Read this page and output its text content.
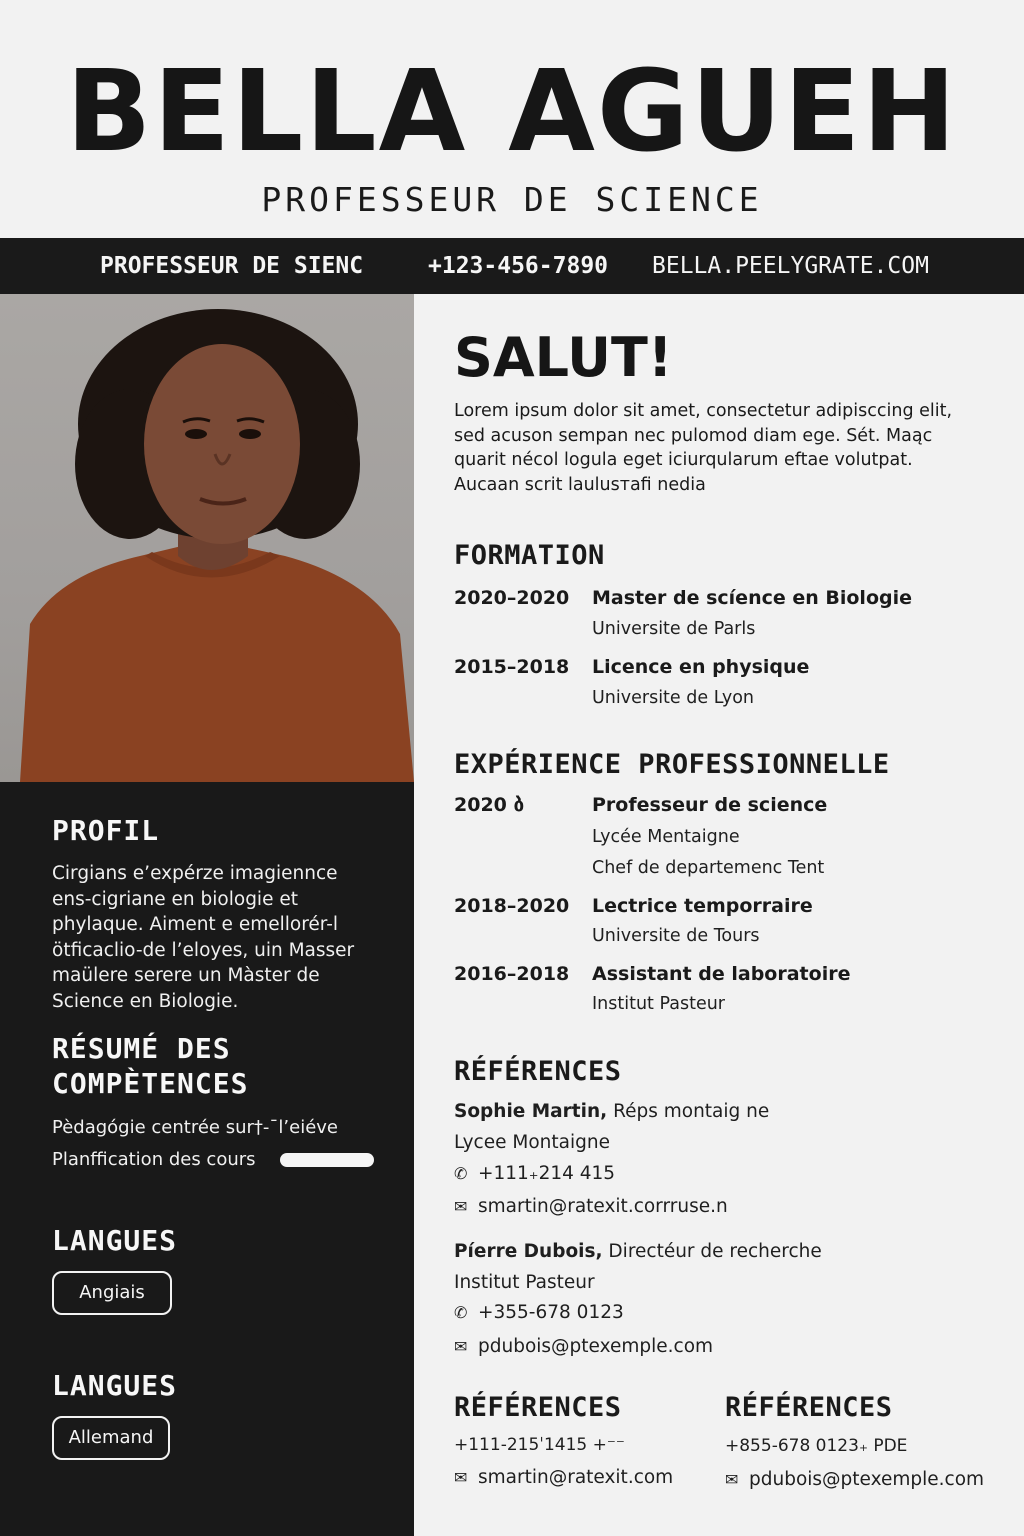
BELLA AGUEH
PROFESSEUR DE SCIENCE
PROFESSEUR DE SIENC	+123-456-7890 BELLA.PEELYGRATE.COM
PROFIL
Cirgians e’expérze imagiennce ens-cigriane en biologie et phylaque. Aiment e emellorér-l ötficaclio-de l’eloyes, uin Masser maülere serere un Màster de Science en Biologie.
RÉSUMÉ DES
COMPÈTENCES
Pèdagógie centrée sur†-ˉl’eiéve
Planffication des cours
LANGUES
Angiais
LANGUES
Allemand
SALUT!
Lorem ipsum dolor sit amet, consectetur adipisccing elit, sed acuson sempan nec pulomod diam ege. Sét. Maąc quarit nécol logula eget iciurqularum eftae volutpat. Aucaan scrit laulusтafi nedia
FORMATION
2020–2020 Master de scíence en Biologie
Universite de Parls
2015–2018 Licence en physique
Universite de Lyon
EXPÉRIENCE PROFESSIONNELLE
2020 ბ	Professeur de science
Lycée Mentaigne
Chef de departemenc Tent
2018–2020 Lectrice temporraire
Universite de Tours
2016–2018 Assistant de laboratoire
Institut Pasteur
RÉFÉRENCES
Sophie Martin, Réps montaig ne
Lycee Montaigne
✆ +111₊214 415
✉ smartin@ratexit.corrruse.n
Píerre Dubois, Directéur de recherche
Institut Pasteur
✆ +355-678 0123
✉ pdubois@ptexemple.com
RÉFÉRENCES
+111-215ˈ1415 +⁻⁻
✉ smartin@ratexit.com
RÉFÉRENCES
+855-678 0123₊ PDE
✉ pdubois@ptexemple.com
